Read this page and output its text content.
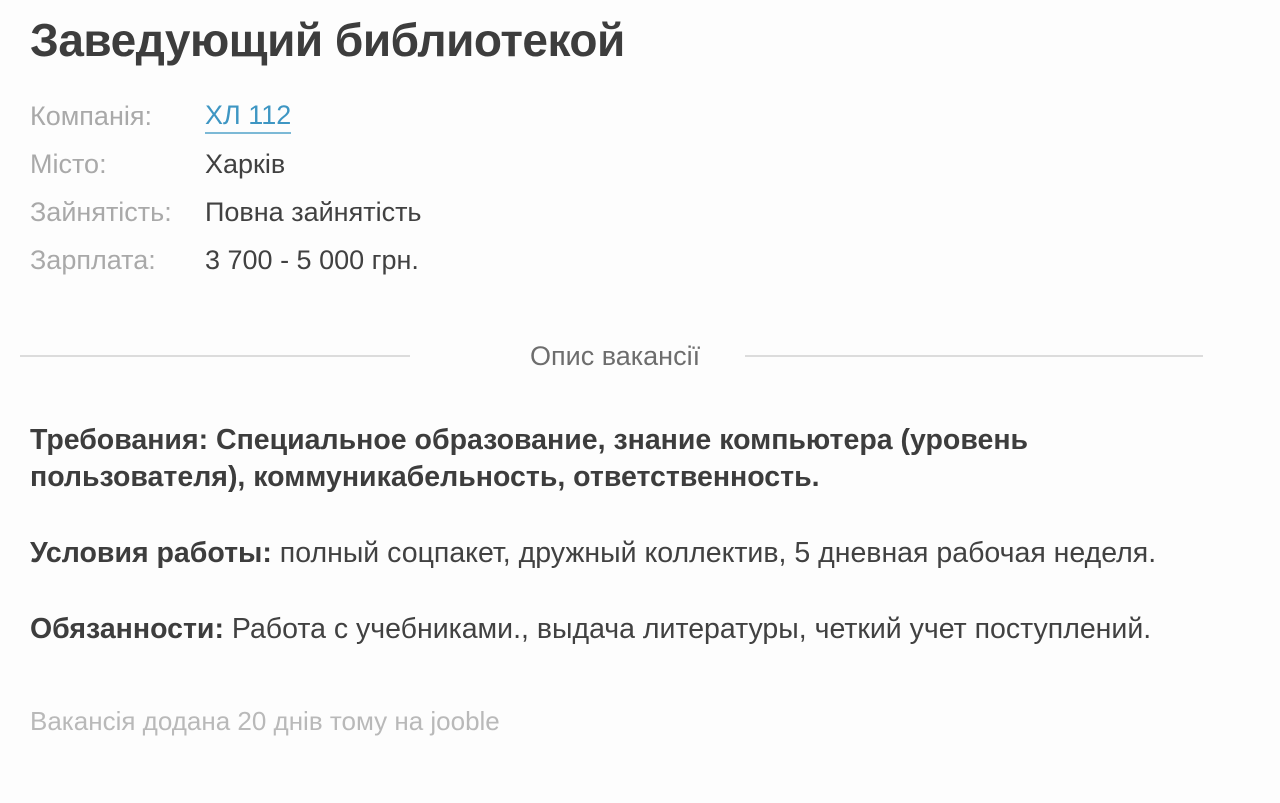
Заведующий библиотекой
Компанія:	ХЛ 112
Місто:	Харків
Зайнятість:	Повна зайнятість
Зарплата:	3 700 - 5 000 грн.
Опис вакансії

Требования: Специальное образование, знание компьютера (уровень пользователя), коммуникабельность, ответственность.

Условия работы: полный соцпакет, дружный коллектив, 5 дневная рабочая неделя.

Обязанности: Работа с учебниками., выдача литературы, четкий учет поступлений.

Вакансія додана 20 днів тому на jooble
